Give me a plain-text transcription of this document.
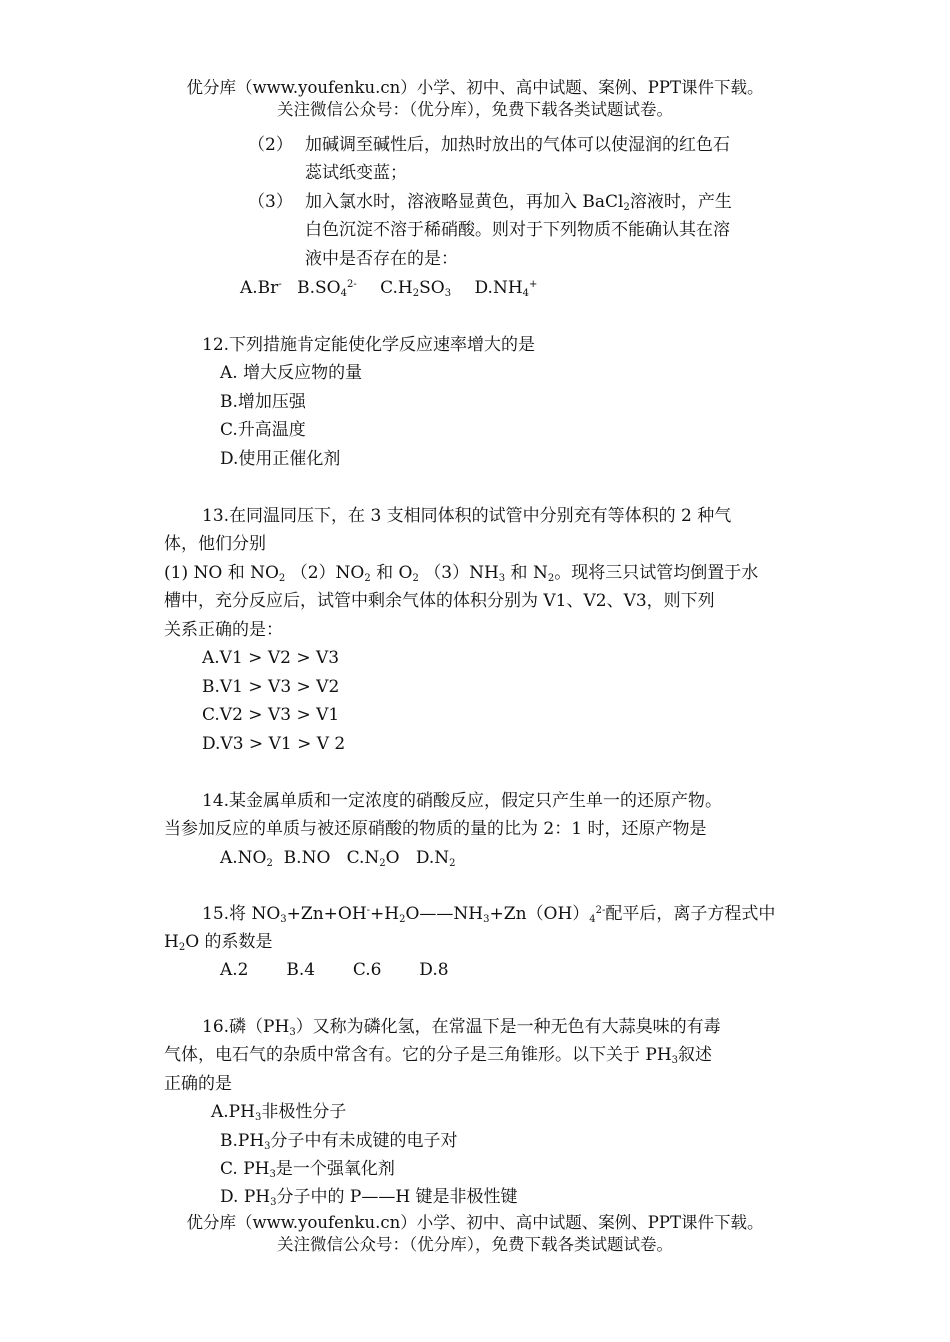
优分库（www.youfenku.cn）小学、初中、高中试题、案例、PPT课件下载。
关注微信公众号：（优分库），免费下载各类试题试卷。
（2） 加碱调至碱性后，加热时放出的气体可以使湿润的红色石
蕊试纸变蓝；
（3） 加入氯水时，溶液略显黄色，再加入 BaCl$_2$溶液时，产生
白色沉淀不溶于稀硝酸。则对于下列物质不能确认其在溶
液中是否存在的是：
A.Br- $B.SO_4^{2-}$ $C.H_2SO_3$ $D.NH_4^+$
12.下列措施肯定能使化学反应速率增大的是
A. 增大反应物的量
B.增加压强
C.升高温度
D.使用正催化剂
13.在同温同压下，在 3 支相同体积的试管中分别充有等体积的 2 种气
体，他们分别
(1) NO 和 $NO_2$ $(2)NO_2$ 和 $O_2$ $(3)NH_3$ 和 $N_2$。现将三只试管均倒置于水
槽中，充分反应后，试管中剩余气体的体积分别为 V1、V2、V3，则下列
关系正确的是：
A.V1 > V2 > V3
B.V1 > V3 > V2
C.V2 > V3 > V1
D.V3 > V1 > V 2
14.某金属单质和一定浓度的硝酸反应，假定只产生单一的还原产物。
当参加反应的单质与被还原硝酸的物质的量的比为 2：1 时，还原产物是
$A.NO_2$  B.NO   $C.N_2O$   $D.N_2$
15.将 $NO_3+Zn+OH^-+H_2O——NH_3+Zn(OH)_4^{2-}$配平后，离子方程式中
$H_2O$ 的系数是
A.2       B.4       C.6       D.8
16.磷$(PH_3)$又称为磷化氢，在常温下是一种无色有大蒜臭味的有毒
气体，电石气的杂质中常含有。它的分子是三角锥形。以下关于 $PH_3$叙述
正确的是
$A.PH_3$非极性分子
$B.PH_3$分子中有未成键的电子对
C. $PH_3$是一个强氧化剂
D. $PH_3$分子中的 P——H 键是非极性键
优分库（www.youfenku.cn）小学、初中、高中试题、案例、PPT课件下载。
关注微信公众号：（优分库），免费下载各类试题试卷。
